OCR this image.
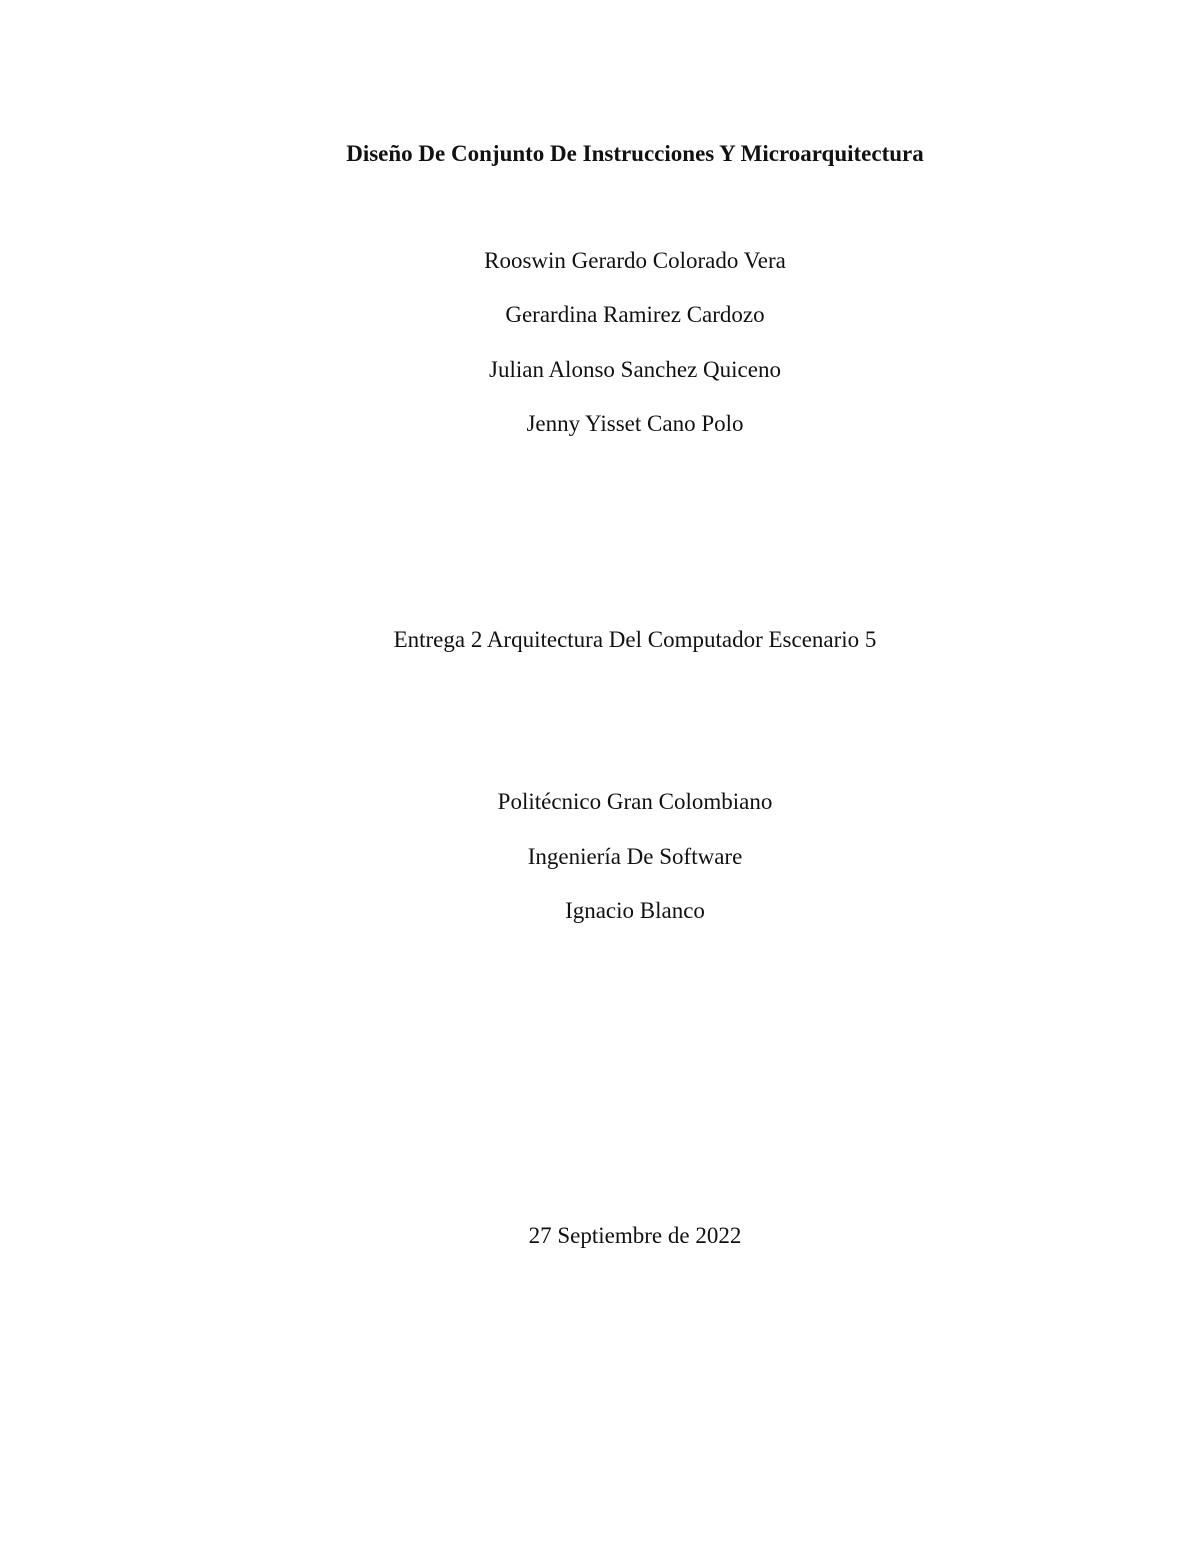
Diseño De Conjunto De Instrucciones Y Microarquitectura
Rooswin Gerardo Colorado Vera
Gerardina Ramirez Cardozo
Julian Alonso Sanchez Quiceno
Jenny Yisset Cano Polo
Entrega 2 Arquitectura Del Computador Escenario 5
Politécnico Gran Colombiano
Ingeniería De Software
Ignacio Blanco
27 Septiembre de 2022
